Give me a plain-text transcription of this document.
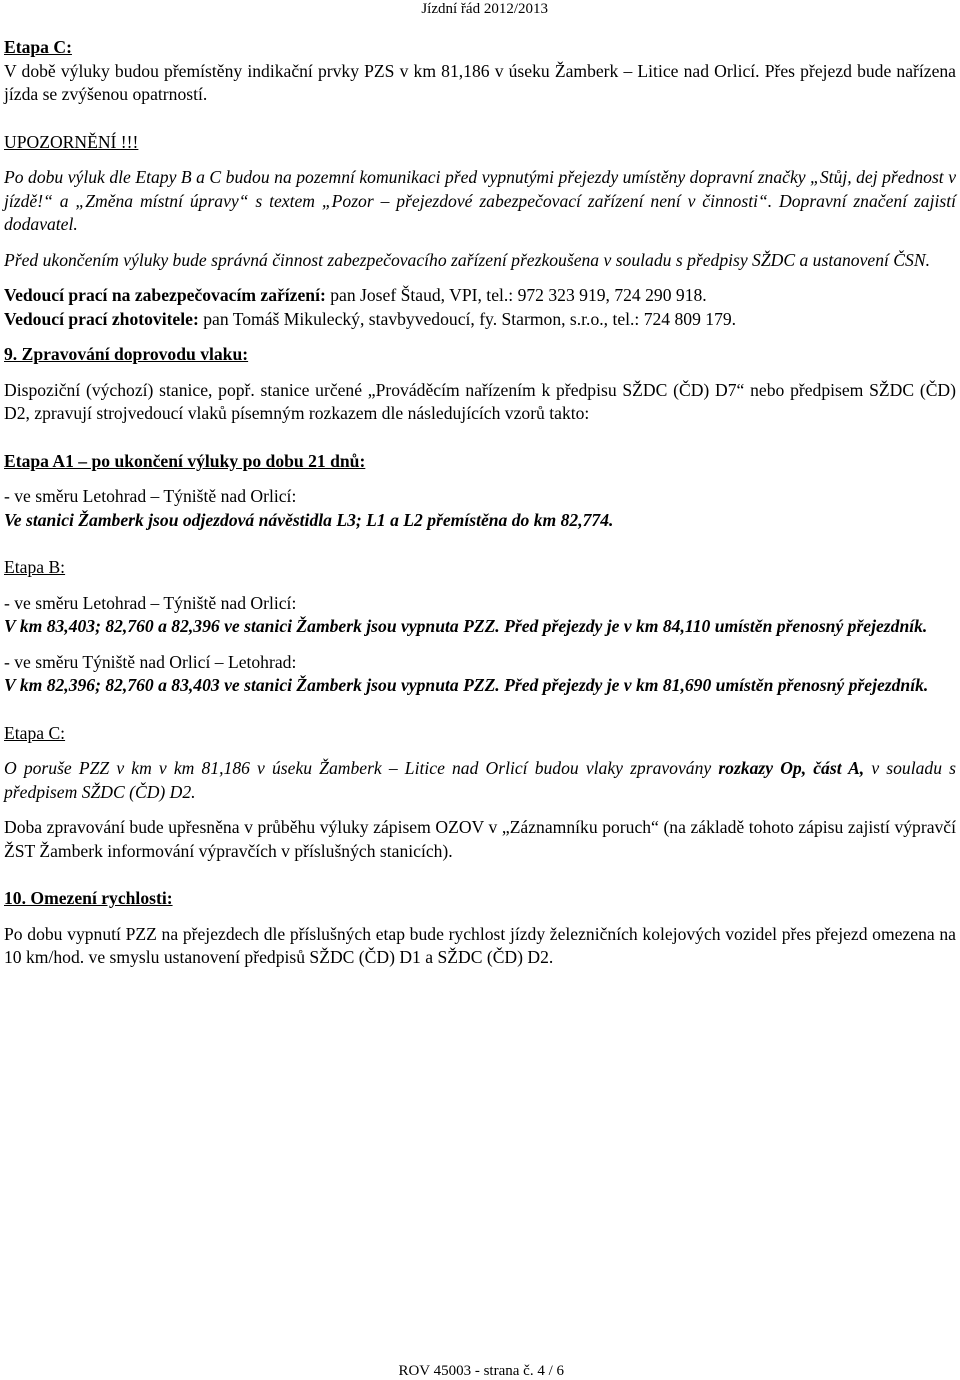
Jízdní řád 2012/2013

Etapa C:

V době výluky budou přemístěny indikační prvky PZS v km 81,186 v úseku Žamberk – Litice nad Orlicí. Přes přejezd bude nařízena jízda se zvýšenou opatrností.

UPOZORNĚNÍ !!!

Po dobu výluk dle Etapy B a C budou na pozemní komunikaci před vypnutými přejezdy umístěny dopravní značky „Stůj, dej přednost v jízdě!“ a „Změna místní úpravy“ s textem „Pozor – přejezdové zabezpečovací zařízení není v činnosti“. Dopravní značení zajistí dodavatel.

Před ukončením výluky bude správná činnost zabezpečovacího zařízení přezkoušena v souladu s předpisy SŽDC a ustanovení ČSN.

Vedoucí prací na zabezpečovacím zařízení: pan Josef Štaud, VPI, tel.: 972 323 919, 724 290 918.

Vedoucí prací zhotovitele: pan Tomáš Mikulecký, stavbyvedoucí, fy. Starmon, s.r.o., tel.: 724 809 179.

9. Zpravování doprovodu vlaku:

Dispoziční (výchozí) stanice, popř. stanice určené „Prováděcím nařízením k předpisu SŽDC (ČD) D7“ nebo předpisem SŽDC (ČD) D2, zpravují strojvedoucí vlaků písemným rozkazem dle následujících vzorů takto:

Etapa A1 – po ukončení výluky po dobu 21 dnů:

- ve směru Letohrad – Týniště nad Orlicí:

Ve stanici Žamberk jsou odjezdová návěstidla L3; L1 a L2 přemístěna do km 82,774.

Etapa B:

- ve směru Letohrad – Týniště nad Orlicí:

V km 83,403; 82,760 a 82,396 ve stanici Žamberk jsou vypnuta PZZ. Před přejezdy je v km 84,110 umístěn přenosný přejezdník.

- ve směru Týniště nad Orlicí – Letohrad:

V km 82,396; 82,760 a 83,403 ve stanici Žamberk jsou vypnuta PZZ. Před přejezdy je v km 81,690 umístěn přenosný přejezdník.

Etapa C:

O poruše PZZ v km v km 81,186 v úseku Žamberk – Litice nad Orlicí budou vlaky zpravovány rozkazy Op, část A, v souladu s předpisem SŽDC (ČD) D2.

Doba zpravování bude upřesněna v průběhu výluky zápisem OZOV v „Záznamníku poruch“ (na základě tohoto zápisu zajistí výpravčí ŽST Žamberk informování výpravčích v příslušných stanicích).

10. Omezení rychlosti:

Po dobu vypnutí PZZ na přejezdech dle příslušných etap bude rychlost jízdy železničních kolejových vozidel přes přejezd omezena na 10 km/hod. ve smyslu ustanovení předpisů SŽDC (ČD) D1 a SŽDC (ČD) D2.

ROV 45003 - strana č. 4 / 6
